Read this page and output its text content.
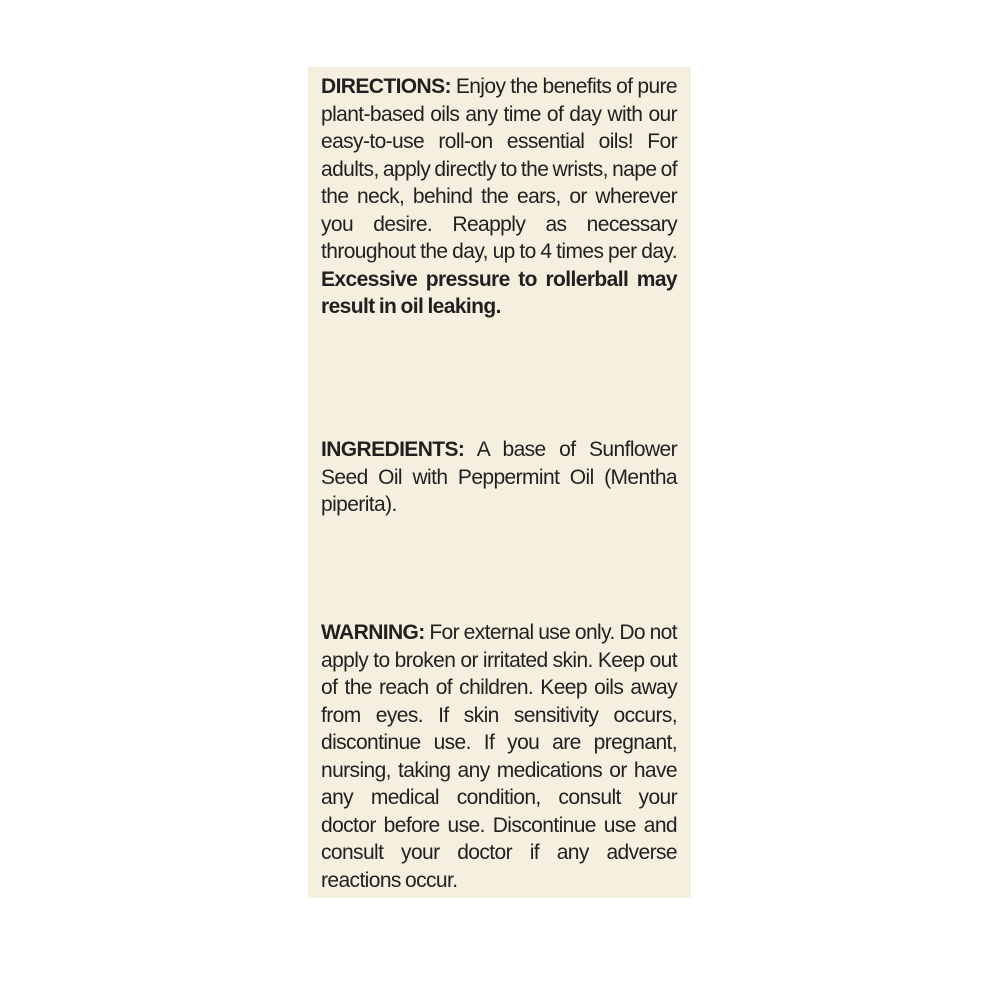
DIRECTIONS: Enjoy the benefits of pure plant-based oils any time of day with our easy-to-use roll-on essential oils! For adults, apply directly to the wrists, nape of the neck, behind the ears, or wherever you desire. Reapply as necessary throughout the day, up to 4 times per day. Excessive pressure to rollerball may result in oil leaking.

INGREDIENTS: A base of Sunflower Seed Oil with Peppermint Oil (Mentha piperita).

WARNING: For external use only. Do not apply to broken or irritated skin. Keep out of the reach of children. Keep oils away from eyes. If skin sensitivity occurs, discontinue use. If you are pregnant, nursing, taking any medications or have any medical condition, consult your doctor before use. Discontinue use and consult your doctor if any adverse reactions occur.
